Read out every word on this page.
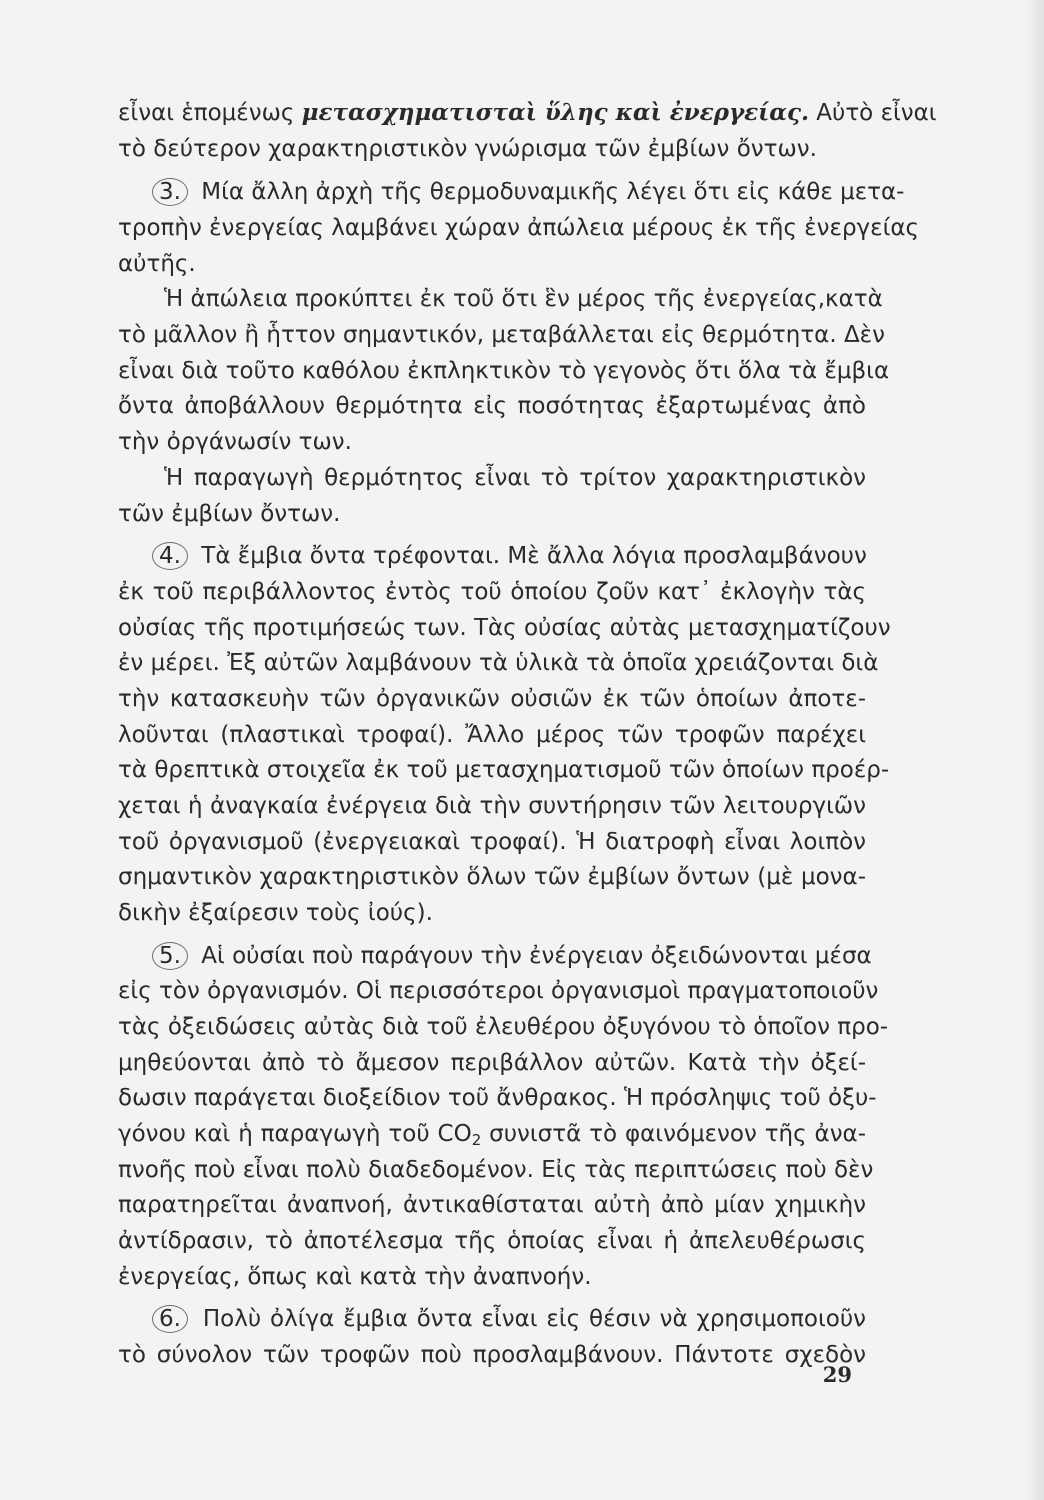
εἶναι ἑπομένως μετασχηματισταὶ ὕλης καὶ ἐνεργείας. Αὐτὸ εἶναι
τὸ δεύτερον χαρακτηριστικὸν γνώρισμα τῶν ἐμβίων ὄντων.
3. Μία ἄλλη ἀρχὴ τῆς θερμοδυναμικῆς λέγει ὅτι εἰς κάθε μετα-
τροπὴν ἐνεργείας λαμβάνει χώραν ἀπώλεια μέρους ἐκ τῆς ἐνεργείας
αὐτῆς.
Ἡ ἀπώλεια προκύπτει ἐκ τοῦ ὅτι ἓν μέρος τῆς ἐνεργείας,κατὰ
τὸ μᾶλλον ἢ ἧττον σημαντικόν, μεταβάλλεται εἰς θερμότητα. Δὲν
εἶναι διὰ τοῦτο καθόλου ἐκπληκτικὸν τὸ γεγονὸς ὅτι ὅλα τὰ ἔμβια
ὄντα ἀποβάλλουν θερμότητα εἰς ποσότητας ἐξαρτωμένας ἀπὸ
τὴν ὀργάνωσίν των.
Ἡ παραγωγὴ θερμότητος εἶναι τὸ τρίτον χαρακτηριστικὸν
τῶν ἐμβίων ὄντων.
4. Τὰ ἔμβια ὄντα τρέφονται. Μὲ ἄλλα λόγια προσλαμβάνουν
ἐκ τοῦ περιβάλλοντος ἐντὸς τοῦ ὁποίου ζοῦν κατ᾽ ἐκλογὴν τὰς
οὐσίας τῆς προτιμήσεώς των. Τὰς οὐσίας αὐτὰς μετασχηματίζουν
ἐν μέρει. Ἐξ αὐτῶν λαμβάνουν τὰ ὑλικὰ τὰ ὁποῖα χρειάζονται διὰ
τὴν κατασκευὴν τῶν ὀργανικῶν οὐσιῶν ἐκ τῶν ὁποίων ἀποτε-
λοῦνται (πλαστικαὶ τροφαί). Ἄλλο μέρος τῶν τροφῶν παρέχει
τὰ θρεπτικὰ στοιχεῖα ἐκ τοῦ μετασχηματισμοῦ τῶν ὁποίων προέρ-
χεται ἡ ἀναγκαία ἐνέργεια διὰ τὴν συντήρησιν τῶν λειτουργιῶν
τοῦ ὀργανισμοῦ (ἐνεργειακαὶ τροφαί). Ἡ διατροφὴ εἶναι λοιπὸν
σημαντικὸν χαρακτηριστικὸν ὅλων τῶν ἐμβίων ὄντων (μὲ μονα-
δικὴν ἐξαίρεσιν τοὺς ἰούς).
5. Αἱ οὐσίαι ποὺ παράγουν τὴν ἐνέργειαν ὀξειδώνονται μέσα
εἰς τὸν ὀργανισμόν. Οἱ περισσότεροι ὀργανισμοὶ πραγματοποιοῦν
τὰς ὀξειδώσεις αὐτὰς διὰ τοῦ ἐλευθέρου ὀξυγόνου τὸ ὁποῖον προ-
μηθεύονται ἀπὸ τὸ ἄμεσον περιβάλλον αὐτῶν. Κατὰ τὴν ὀξεί-
δωσιν παράγεται διοξείδιον τοῦ ἄνθρακος. Ἡ πρόσληψις τοῦ ὀξυ-
γόνου καὶ ἡ παραγωγὴ τοῦ $CO_2$ συνιστᾶ τὸ φαινόμενον τῆς ἀνα-
πνοῆς ποὺ εἶναι πολὺ διαδεδομένον. Εἰς τὰς περιπτώσεις ποὺ δὲν
παρατηρεῖται ἀναπνοή, ἀντικαθίσταται αὐτὴ ἀπὸ μίαν χημικὴν
ἀντίδρασιν, τὸ ἀποτέλεσμα τῆς ὁποίας εἶναι ἡ ἀπελευθέρωσις
ἐνεργείας, ὅπως καὶ κατὰ τὴν ἀναπνοήν.
6. Πολὺ ὀλίγα ἔμβια ὄντα εἶναι εἰς θέσιν νὰ χρησιμοποιοῦν
τὸ σύνολον τῶν τροφῶν ποὺ προσλαμβάνουν. Πάντοτε σχεδὸν
29
